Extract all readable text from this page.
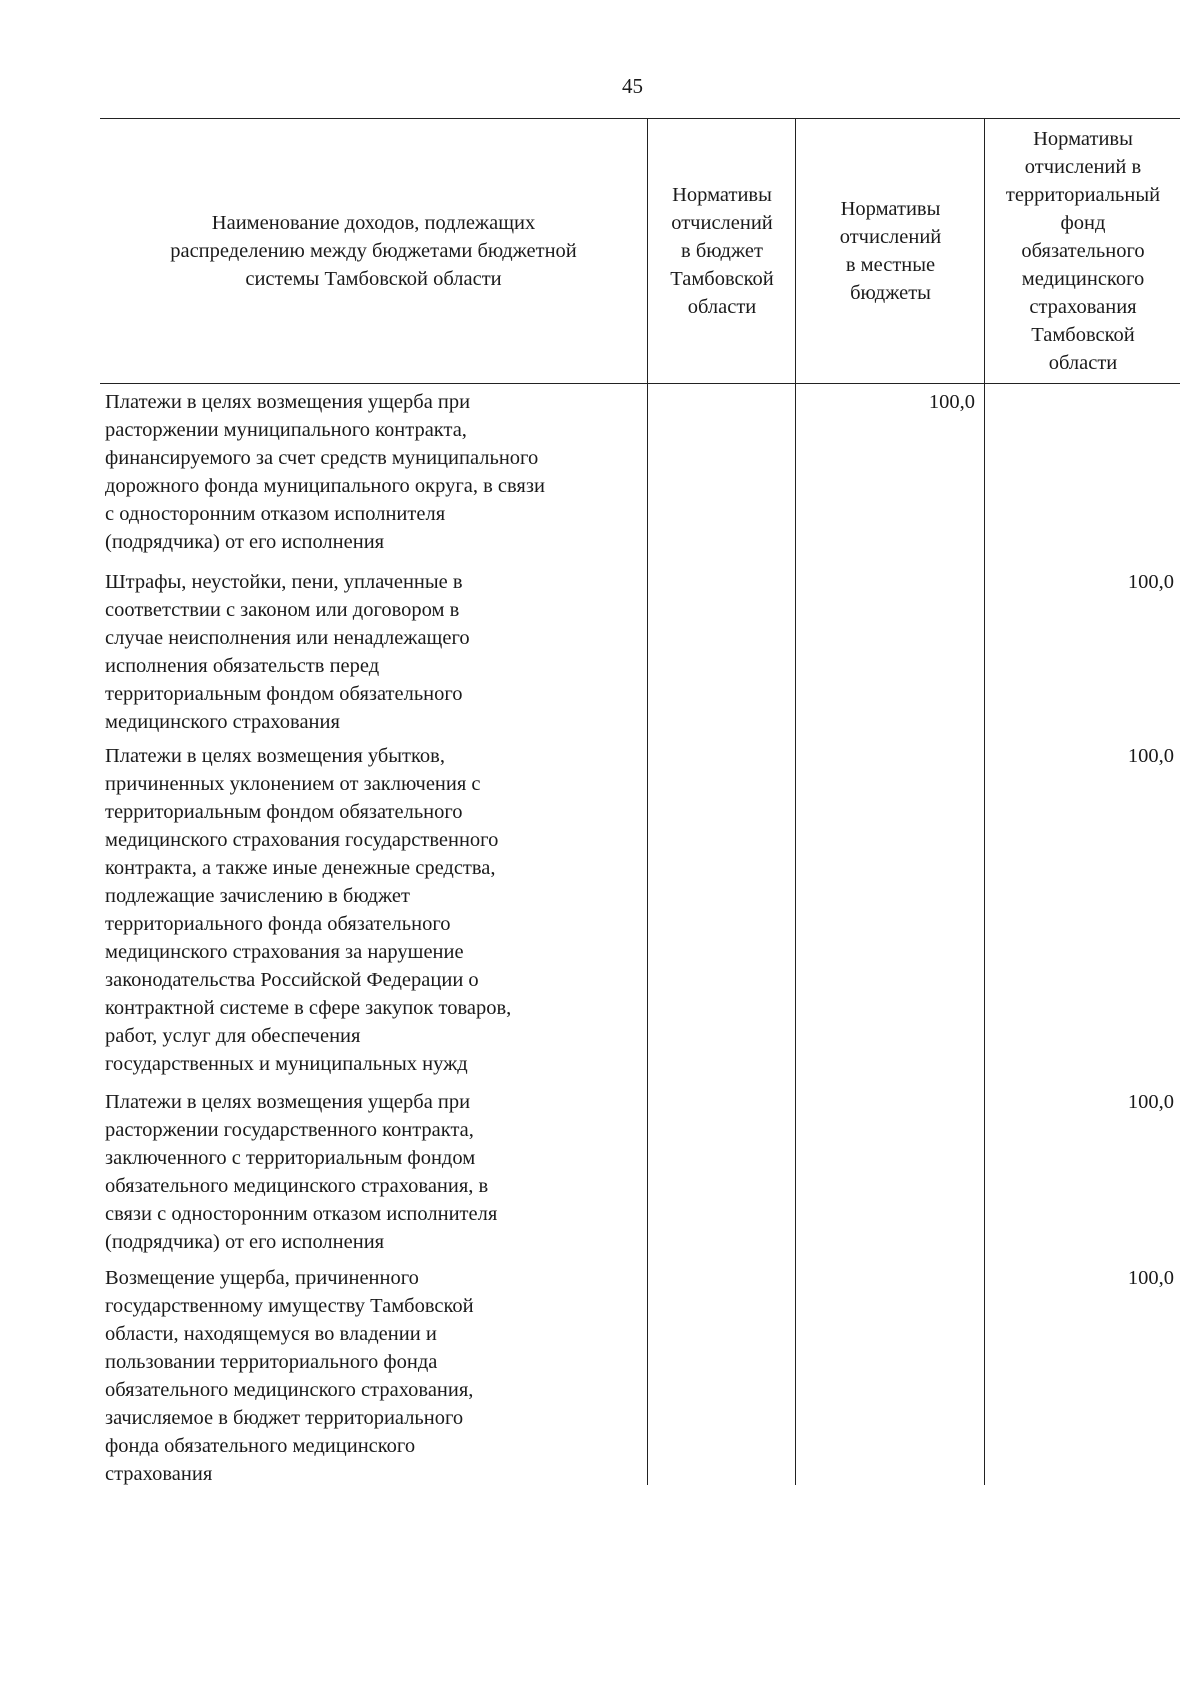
45
Наименование доходов, подлежащих
распределению между бюджетами бюджетной
системы Тамбовской области
Нормативы
отчислений
в бюджет
Тамбовской
области
Нормативы
отчислений
в местные
бюджеты
Нормативы
отчислений в
территориальный
фонд
обязательного
медицинского
страхования
Тамбовской
области
Платежи в целях возмещения ущерба при
расторжении муниципального контракта,
финансируемого за счет средств муниципального
дорожного фонда муниципального округа, в связи
с односторонним отказом исполнителя
(подрядчика) от его исполнения
100,0
Штрафы, неустойки, пени, уплаченные в
соответствии с законом или договором в
случае неисполнения или ненадлежащего
исполнения обязательств перед
территориальным фондом обязательного
медицинского страхования
100,0
Платежи в целях возмещения убытков,
причиненных уклонением от заключения с
территориальным фондом обязательного
медицинского страхования государственного
контракта, а также иные денежные средства,
подлежащие зачислению в бюджет
территориального фонда обязательного
медицинского страхования за нарушение
законодательства Российской Федерации о
контрактной системе в сфере закупок товаров,
работ, услуг для обеспечения
государственных и муниципальных нужд
100,0
Платежи в целях возмещения ущерба при
расторжении государственного контракта,
заключенного с территориальным фондом
обязательного медицинского страхования, в
связи с односторонним отказом исполнителя
(подрядчика) от его исполнения
100,0
Возмещение ущерба, причиненного
государственному имуществу Тамбовской
области, находящемуся во владении и
пользовании территориального фонда
обязательного медицинского страхования,
зачисляемое в бюджет территориального
фонда обязательного медицинского
страхования
100,0
